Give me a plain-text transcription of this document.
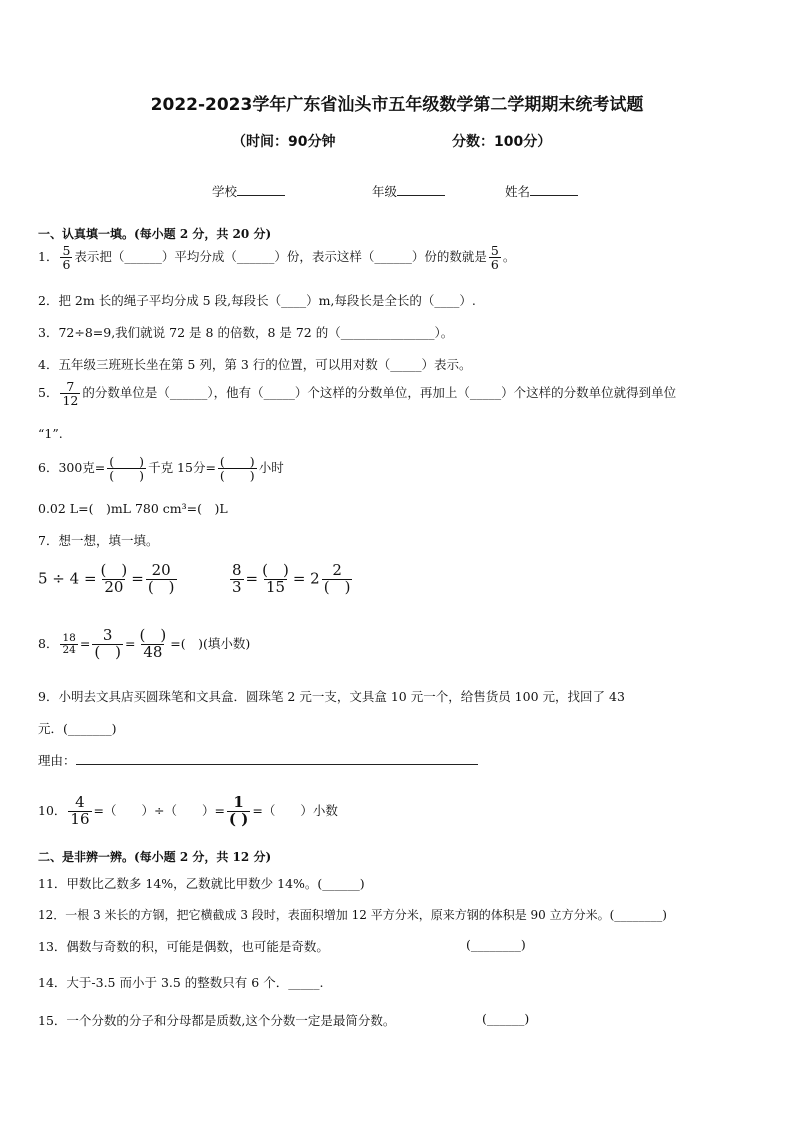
2022-2023学年广东省汕头市五年级数学第二学期期末统考试题
（时间：90分钟	分数：100分）
学校	年级	姓名
一、认真填一填。(每小题 2 分，共 20 分)
1． $\frac{5}{6}$ 表示把（______）平均分成（______）份，表示这样（______）份的数就是 $\frac{5}{6}$ 。
2．把 2m 长的绳子平均分成 5 段,每段长（____）m,每段长是全长的（____）.
3．72÷8=9,我们就说 72 是 8 的倍数，8 是 72 的（_______________）。
4．五年级三班班长坐在第 5 列，第 3 行的位置，可以用对数（_____）表示。
5． $\frac{7}{12}$ 的分数单位是（______），他有（_____）个这样的分数单位，再加上（_____）个这样的分数单位就得到单位
“1”.
6．300克= $\frac{( )}{( )}$ 千克 15分= $\frac{( )}{( )}$ 小时
0.02 L=(　)mL 780 cm³=(　)L
7．想一想，填一填。
$5 \div 4 = \frac{( )}{20} = \frac{20}{( )}$	$\frac{8}{3} = \frac{( )}{15} = 2 \frac{2}{( )}$
8． $\frac{18}{24} = \frac{3}{( )} = \frac{( )}{48}$ =(　)(填小数)
9．小明去文具店买圆珠笔和文具盒．圆珠笔 2 元一支，文具盒 10 元一个，给售货员 100 元，找回了 43
元．(_______)
理由：
10． $\frac{4}{16}$ =（　　）÷（　　）= $\frac{1}{( )}$ =（　　）小数
二、是非辨一辨。(每小题 2 分，共 12 分)
11．甲数比乙数多 14%，乙数就比甲数少 14%。(______)
12．一根 3 米长的方钢，把它横截成 3 段时，表面积增加 12 平方分米，原来方钢的体积是 90 立方分米。(________)
13．偶数与奇数的积，可能是偶数，也可能是奇数。	(________)
14．大于-3.5 而小于 3.5 的整数只有 6 个．_____.
15．一个分数的分子和分母都是质数,这个分数一定是最简分数。	(______)
